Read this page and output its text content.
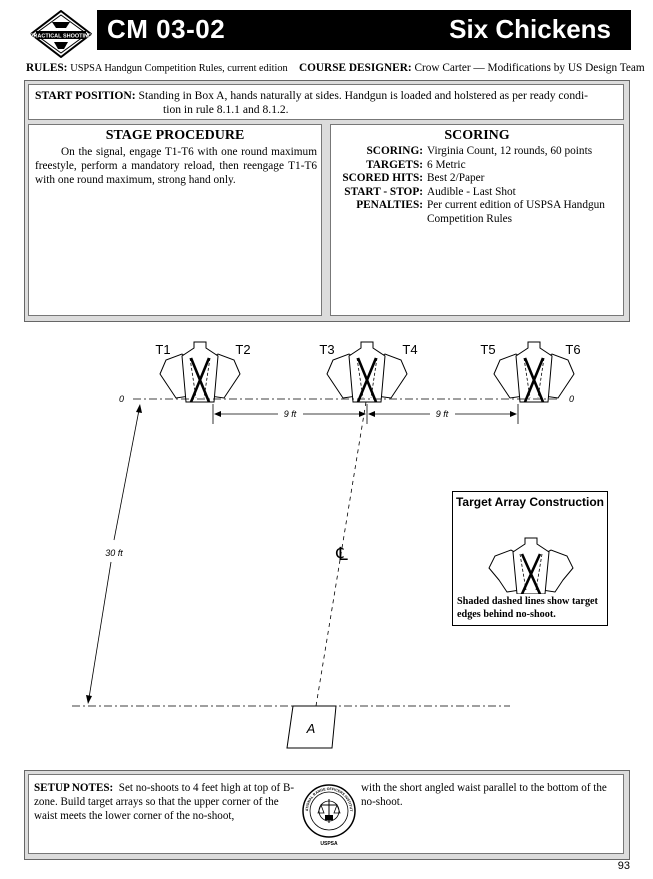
PRACTICAL SHOOTING CM 03-02	Six Chickens
RULES: USPSA Handgun Competition Rules, current edition COURSE DESIGNER: Crow Carter — Modifications by US Design Team
START POSITION: Standing in Box A, hands naturally at sides. Handgun is loaded and holstered as per ready condi-
tion in rule 8.1.1 and 8.1.2.
STAGE PROCEDURE
On the signal, engage T1-T6 with one round maximum freestyle, perform a mandatory reload, then reengage T1-T6 with one round maximum, strong hand only.
SCORING
SCORING:	Virginia Count, 12 rounds, 60 points
TARGETS:	6 Metric
SCORED HITS:	Best 2/Paper
START - STOP:	Audible - Last Shot
PENALTIES:	Per current edition of USPSA Handgun Competition Rules
T1	T2	T3	T4	T5	T6
0	0
9 ft	9 ft
℄
30 ft
A
Target Array Construction
Shaded dashed lines show target edges behind no-shoot.
SETUP NOTES: Set no-shoots to 4 feet high at top of B-zone. Build target arrays so that the upper corner of the waist meets the lower corner of the no-shoot,	ATIONAL RANGE OFFICERS INSTITUT
USPSA
with the short angled waist parallel to the bottom of the no-shoot.
93
